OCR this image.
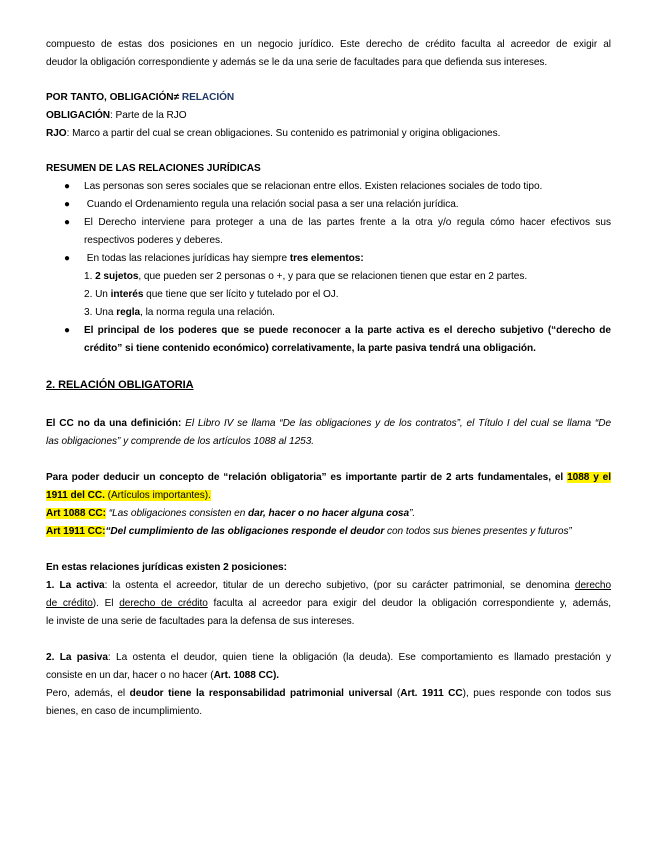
compuesto de estas dos posiciones en un negocio jurídico. Este derecho de crédito faculta al acreedor de exigir al
deudor la obligación correspondiente y además se le da una serie de facultades para que defienda sus intereses.
POR TANTO, OBLIGACIÓN≠ RELACIÓN
OBLIGACIÓN: Parte de la RJO
RJO: Marco a partir del cual se crean obligaciones. Su contenido es patrimonial y origina obligaciones.
RESUMEN DE LAS RELACIONES JURÍDICAS
● Las personas son seres sociales que se relacionan entre ellos. Existen relaciones sociales de todo tipo.
● Cuando el Ordenamiento regula una relación social pasa a ser una relación jurídica.
● El Derecho interviene para proteger a una de las partes frente a la otra y/o regula cómo hacer efectivos sus
respectivos poderes y deberes.
● En todas las relaciones jurídicas hay siempre tres elementos:
1. 2 sujetos, que pueden ser 2 personas o +, y para que se relacionen tienen que estar en 2 partes.
2. Un interés que tiene que ser lícito y tutelado por el OJ.
3. Una regla, la norma regula una relación.
● El principal de los poderes que se puede reconocer a la parte activa es el derecho subjetivo (“derecho de
crédito” si tiene contenido económico) correlativamente, la parte pasiva tendrá una obligación.
2. RELACIÓN OBLIGATORIA
El CC no da una definición: El Libro IV se llama “De las obligaciones y de los contratos”, el Título I del cual se llama “De
las obligaciones” y comprende de los artículos 1088 al 1253.
Para poder deducir un concepto de “relación obligatoria” es importante partir de 2 arts fundamentales, el 1088 y el
1911 del CC. (Artículos importantes).
Art 1088 CC: “Las obligaciones consisten en dar, hacer o no hacer alguna cosa”.
Art 1911 CC:“Del cumplimiento de las obligaciones responde el deudor con todos sus bienes presentes y futuros”
En estas relaciones jurídicas existen 2 posiciones:
1. La activa: la ostenta el acreedor, titular de un derecho subjetivo, (por su carácter patrimonial, se denomina derecho
de crédito). El derecho de crédito faculta al acreedor para exigir del deudor la obligación correspondiente y, además,
le inviste de una serie de facultades para la defensa de sus intereses.
2. La pasiva: La ostenta el deudor, quien tiene la obligación (la deuda). Ese comportamiento es llamado prestación y
consiste en un dar, hacer o no hacer (Art. 1088 CC).
Pero, además, el deudor tiene la responsabilidad patrimonial universal (Art. 1911 CC), pues responde con todos sus
bienes, en caso de incumplimiento.
